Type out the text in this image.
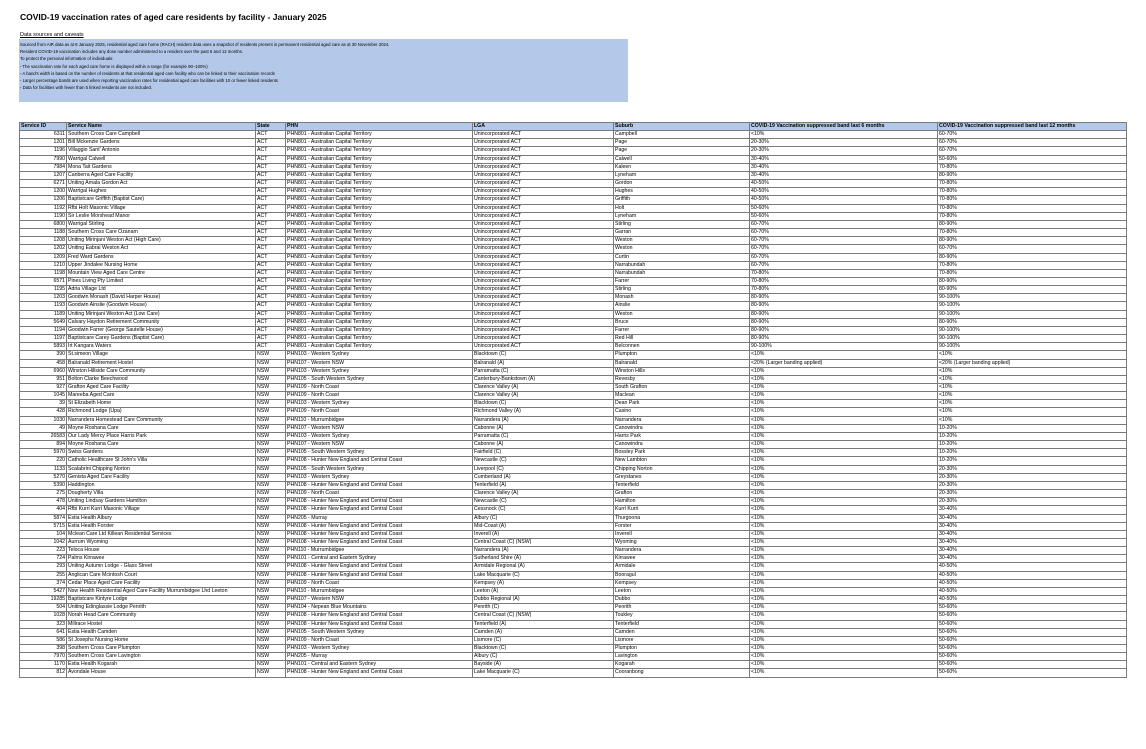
COVID-19 vaccination rates of aged care residents by facility - January 2025
Data sources and caveats
Sourced from AIR data as at 8 January 2025, residential aged care home (RACH) resident data uses a snapshot of residents present in permanent residential aged care as at 30 November 2024.
Resident COVID-19 vaccination includes any dose number administered to a resident over the past 6 and 12 months.
To protect the personal information of individuals:
- The vaccination rate for each aged care home is displayed within a range (for example 90–100%)
- A band's width is based on the number of residents at that residential aged care facility who can be linked to their vaccination records
- Larger percentage bands are used when reporting vaccination rates for residential aged care facilities with 10 or fewer linked residents
- Data for facilities with fewer than 5 linked residents are not included.
Service ID	Service Name	State	PHN	LGA	Suburb	COVID-19 Vaccination suppressed band last 6 months	COVID-19 Vaccination suppressed band last 12 months
6311	Southern Cross Care Campbell	ACT	PHN801 - Australian Capital Territory	Unincorporated ACT	Campbell	<10%	60-70%
1201	Bill Mckenzie Gardens	ACT	PHN801 - Australian Capital Territory	Unincorporated ACT	Page	20-30%	60-70%
1196	Villaggio Sant' Antonio	ACT	PHN801 - Australian Capital Territory	Unincorporated ACT	Page	20-30%	60-70%
7990	Warrigal Calwell	ACT	PHN801 - Australian Capital Territory	Unincorporated ACT	Calwell	30-40%	50-60%
7984	Mona Tait Gardens	ACT	PHN801 - Australian Capital Territory	Unincorporated ACT	Kaleen	30-40%	70-80%
1207	Canberra Aged Care Facility	ACT	PHN801 - Australian Capital Territory	Unincorporated ACT	Lyneham	30-40%	80-90%
6271	Uniting Amala Gordon Act	ACT	PHN801 - Australian Capital Territory	Unincorporated ACT	Gordon	40-50%	70-80%
1200	Warrigal Hughes	ACT	PHN801 - Australian Capital Territory	Unincorporated ACT	Hughes	40-50%	70-80%
1206	Baptistcare Griffith (Baptist Care)	ACT	PHN801 - Australian Capital Territory	Unincorporated ACT	Griffith	40-50%	70-80%
1192	Rfbi Holt Masonic Village	ACT	PHN801 - Australian Capital Territory	Unincorporated ACT	Holt	50-60%	70-80%
1190	Sir Leslie Morshead Manor	ACT	PHN801 - Australian Capital Territory	Unincorporated ACT	Lyneham	50-60%	70-80%
6800	Warrigal Stirling	ACT	PHN801 - Australian Capital Territory	Unincorporated ACT	Stirling	60-70%	80-90%
1188	Southern Cross Care Ozanam	ACT	PHN801 - Australian Capital Territory	Unincorporated ACT	Garran	60-70%	70-80%
1208	Uniting Mirinjani Weston Act (High Care)	ACT	PHN801 - Australian Capital Territory	Unincorporated ACT	Weston	60-70%	80-90%
1202	Uniting Eabrai Weston Act	ACT	PHN801 - Australian Capital Territory	Unincorporated ACT	Weston	60-70%	60-70%
1209	Fred Ward Gardens	ACT	PHN801 - Australian Capital Territory	Unincorporated ACT	Curtin	60-70%	80-90%
1210	Upper Jindalee Nursing Home	ACT	PHN801 - Australian Capital Territory	Unincorporated ACT	Narrabundah	60-70%	70-80%
1198	Mountain View Aged Care Centre	ACT	PHN801 - Australian Capital Territory	Unincorporated ACT	Narrabundah	70-80%	70-80%
6571	Pines Living Pty Limited	ACT	PHN801 - Australian Capital Territory	Unincorporated ACT	Farrer	70-80%	80-90%
1195	Adria Village Ltd	ACT	PHN801 - Australian Capital Territory	Unincorporated ACT	Stirling	70-80%	80-90%
1203	Goodwin Monash (David Harper House)	ACT	PHN801 - Australian Capital Territory	Unincorporated ACT	Monash	80-90%	90-100%
1193	Goodwin Ainslie (Goodwin House)	ACT	PHN801 - Australian Capital Territory	Unincorporated ACT	Ainslie	80-90%	90-100%
1189	Uniting Mirinjani Weston Act (Low Care)	ACT	PHN801 - Australian Capital Territory	Unincorporated ACT	Weston	80-90%	90-100%
5649	Calvary Haydon Retirement Community	ACT	PHN801 - Australian Capital Territory	Unincorporated ACT	Bruce	80-90%	80-90%
1194	Goodwin Farrer (George Sautelle House)	ACT	PHN801 - Australian Capital Territory	Unincorporated ACT	Farrer	80-90%	90-100%
1197	Baptistcare Carey Gardens (Baptist Care)	ACT	PHN801 - Australian Capital Territory	Unincorporated ACT	Red Hill	80-90%	90-100%
5893	Irt Kangara Waters	ACT	PHN801 - Australian Capital Territory	Unincorporated ACT	Belconnen	90-100%	90-100%
390	St.simeon Village	NSW	PHN103 - Western Sydney	Blacktown (C)	Plumpton	<10%	<10%
458	Balranald Retirement Hostel	NSW	PHN107 - Western NSW	Balranald (A)	Balranald	<20% (Larger banding applied)	<20% (Larger banding applied)
6960	Winston Hillside Care Community	NSW	PHN103 - Western Sydney	Parramatta (C)	Winston Hills	<10%	<10%
951	Bolton Clarke Beechwood	NSW	PHN105 - South Western Sydney	Canterbury-Bankstown (A)	Revesby	<10%	<10%
927	Grafton Aged Care Facility	NSW	PHN109 - North Coast	Clarence Valley (A)	South Grafton	<10%	<10%
1045	Mareeba Aged Care	NSW	PHN109 - North Coast	Clarence Valley (A)	Maclean	<10%	<10%
39	St Elizabeth Home	NSW	PHN103 - Western Sydney	Blacktown (C)	Dean Park	<10%	<10%
428	Richmond Lodge (Upa)	NSW	PHN109 - North Coast	Richmond Valley (A)	Casino	<10%	<10%
1030	Narrandera Homestead Care Community	NSW	PHN110 - Murrumbidgee	Narrandera (A)	Narrandera	<10%	<10%
49	Moyne Roshana Care	NSW	PHN107 - Western NSW	Cabonne (A)	Canowindra	<10%	10-20%
26583	Our Lady Mercy Place Harris Park	NSW	PHN103 - Western Sydney	Parramatta (C)	Harris Park	<10%	10-20%
894	Moyne Roshana Care	NSW	PHN107 - Western NSW	Cabonne (A)	Canowindra	<10%	10-20%
5970	Swiss Gardens	NSW	PHN105 - South Western Sydney	Fairfield (C)	Bossley Park	<10%	10-20%
220	Catholic Healthcare St John's Villa	NSW	PHN108 - Hunter New England and Central Coast	Newcastle (C)	New Lambton	<10%	10-20%
1133	Scalabrini Chipping Norton	NSW	PHN105 - South Western Sydney	Liverpool (C)	Chipping Norton	<10%	20-30%
5270	Genista Aged Care Facility	NSW	PHN103 - Western Sydney	Cumberland (A)	Greystanes	<10%	20-30%
5390	Haddington	NSW	PHN108 - Hunter New England and Central Coast	Tenterfield (A)	Tenterfield	<10%	20-30%
275	Dougherty Villa	NSW	PHN109 - North Coast	Clarence Valley (A)	Grafton	<10%	20-30%
478	Uniting Lindsay Gardens Hamilton	NSW	PHN108 - Hunter New England and Central Coast	Newcastle (C)	Hamilton	<10%	20-30%
404	Rfbi Kurri Kurri Masonic Village	NSW	PHN108 - Hunter New England and Central Coast	Cessnock (C)	Kurri Kurri	<10%	30-40%
5874	Estia Health Albury	NSW	PHN205 - Murray	Albury (C)	Thurgoona	<10%	30-40%
5715	Estia Health Forster	NSW	PHN108 - Hunter New England and Central Coast	Mid-Coast (A)	Forster	<10%	30-40%
104	Mclean Care Ltd Killean Residential Services	NSW	PHN108 - Hunter New England and Central Coast	Inverell (A)	Inverell	<10%	30-40%
1042	Aurrum Wyoming	NSW	PHN108 - Hunter New England and Central Coast	Central Coast (C) (NSW)	Wyoming	<10%	30-40%
223	Teloca House	NSW	PHN110 - Murrumbidgee	Narrandera (A)	Narrandera	<10%	30-40%
724	Palms Kirrawee	NSW	PHN101 - Central and Eastern Sydney	Sutherland Shire (A)	Kirrawee	<10%	30-40%
293	Uniting Autumn Lodge - Glass Street	NSW	PHN108 - Hunter New England and Central Coast	Armidale Regional (A)	Armidale	<10%	40-50%
255	Anglican Care Mcintosh Court	NSW	PHN108 - Hunter New England and Central Coast	Lake Macquarie (C)	Booragul	<10%	40-50%
374	Cedar Place Aged Care Facility	NSW	PHN109 - North Coast	Kempsey (A)	Kempsey	<10%	40-50%
5427	Nsw Health Residential Aged Care Facility Murrumbidgee Lhd Leeton	NSW	PHN110 - Murrumbidgee	Leeton (A)	Leeton	<10%	40-50%
19285	Baptistcare Kintyre Lodge	NSW	PHN107 - Western NSW	Dubbo Regional (A)	Dubbo	<10%	40-50%
504	Uniting Edinglassie Lodge Penrith	NSW	PHN104 - Nepean Blue Mountains	Penrith (C)	Penrith	<10%	50-60%
1028	Norah Head Care Community	NSW	PHN108 - Hunter New England and Central Coast	Central Coast (C) (NSW)	Toukley	<10%	50-60%
323	Millrace Hostel	NSW	PHN108 - Hunter New England and Central Coast	Tenterfield (A)	Tenterfield	<10%	50-60%
641	Estia Health Camden	NSW	PHN105 - South Western Sydney	Camden (A)	Camden	<10%	50-60%
586	St Josephs Nursing Home	NSW	PHN109 - North Coast	Lismore (C)	Lismore	<10%	50-60%
398	Southern Cross Care Plumpton	NSW	PHN103 - Western Sydney	Blacktown (C)	Plumpton	<10%	50-60%
7970	Southern Cross Care Lavington	NSW	PHN205 - Murray	Albury (C)	Lavington	<10%	50-60%
1170	Estia Health Kogarah	NSW	PHN101 - Central and Eastern Sydney	Bayside (A)	Kogarah	<10%	50-60%
812	Avondale House	NSW	PHN108 - Hunter New England and Central Coast	Lake Macquarie (C)	Cooranbong	<10%	50-60%
